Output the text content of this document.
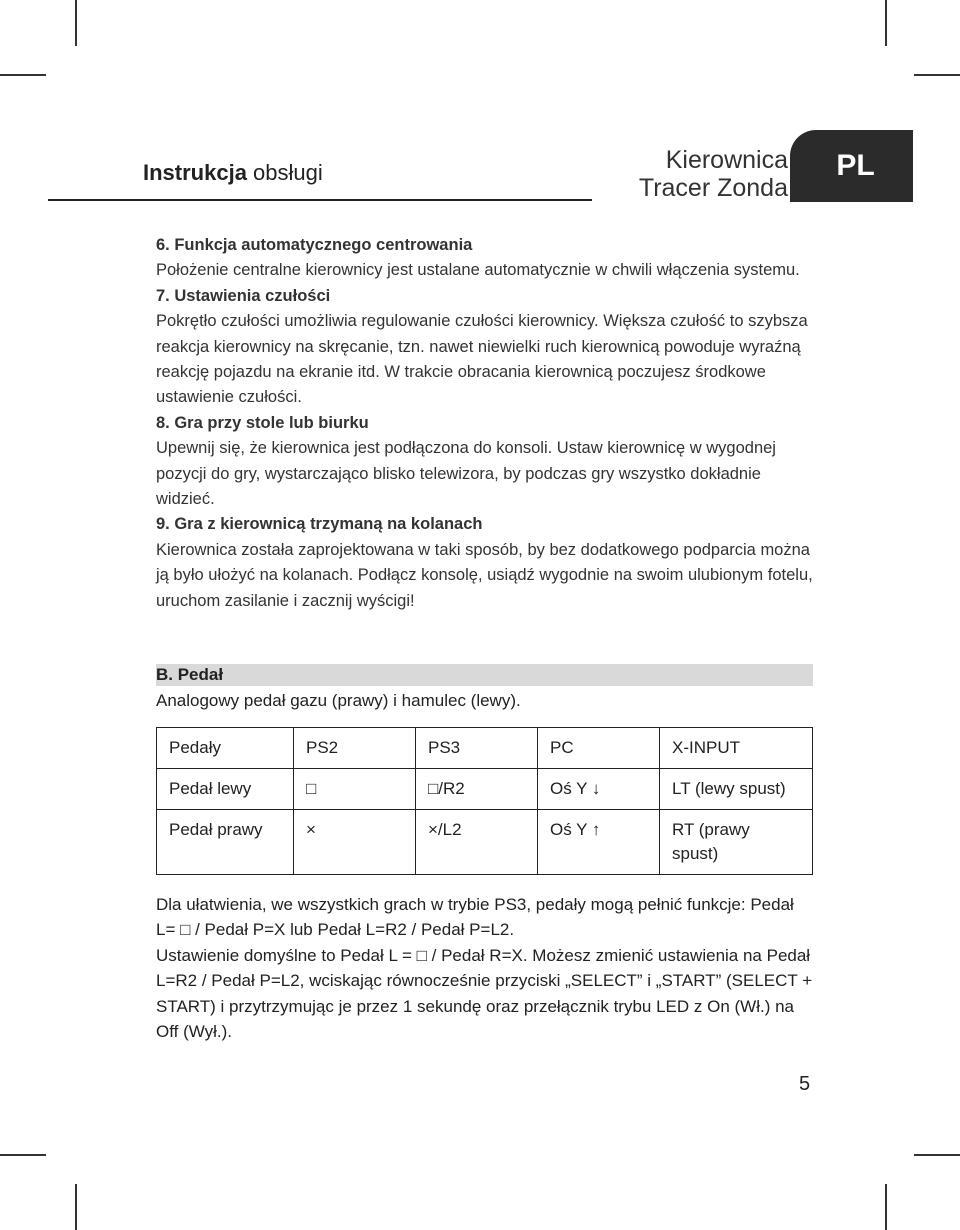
Instrukcja obsługi	Kierownica
Tracer Zonda
PL

6. Funkcja automatycznego centrowania

Położenie centralne kierownicy jest ustalane automatycznie w chwili włączenia systemu.

7. Ustawienia czułości

Pokrętło czułości umożliwia regulowanie czułości kierownicy. Większa czułość to szybsza reakcja kierownicy na skręcanie, tzn. nawet niewielki ruch kierownicą powoduje wyraźną reakcję pojazdu na ekranie itd. W trakcie obracania kierownicą poczujesz środkowe ustawienie czułości.

8. Gra przy stole lub biurku

Upewnij się, że kierownica jest podłączona do konsoli. Ustaw kierownicę w wygodnej pozycji do gry, wystarczająco blisko telewizora, by podczas gry wszystko dokładnie widzieć.

9. Gra z kierownicą trzymaną na kolanach

Kierownica została zaprojektowana w taki sposób, by bez dodatkowego podparcia można ją było ułożyć na kolanach. Podłącz konsolę, usiądź wygodnie na swoim ulubionym fotelu, uruchom zasilanie i zacznij wyścigi!

B. Pedał
Analogowy pedał gazu (prawy) i hamulec (lewy).
Pedały	PS2	PS3	PC	X-INPUT
Pedał lewy	□	□/R2	Oś Y ↓	LT (lewy spust)
Pedał prawy	×	×/L2	Oś Y ↑	RT (prawy spust)

Dla ułatwienia, we wszystkich grach w trybie PS3, pedały mogą pełnić funkcje: Pedał L= □ / Pedał P=X lub Pedał L=R2 / Pedał P=L2.

Ustawienie domyślne to Pedał L = □ / Pedał R=X. Możesz zmienić ustawienia na Pedał L=R2 / Pedał P=L2, wciskając równocześnie przyciski „SELECT” i „START” (SELECT + START) i przytrzymując je przez 1 sekundę oraz przełącznik trybu LED z On (Wł.) na Off (Wył.).

5
